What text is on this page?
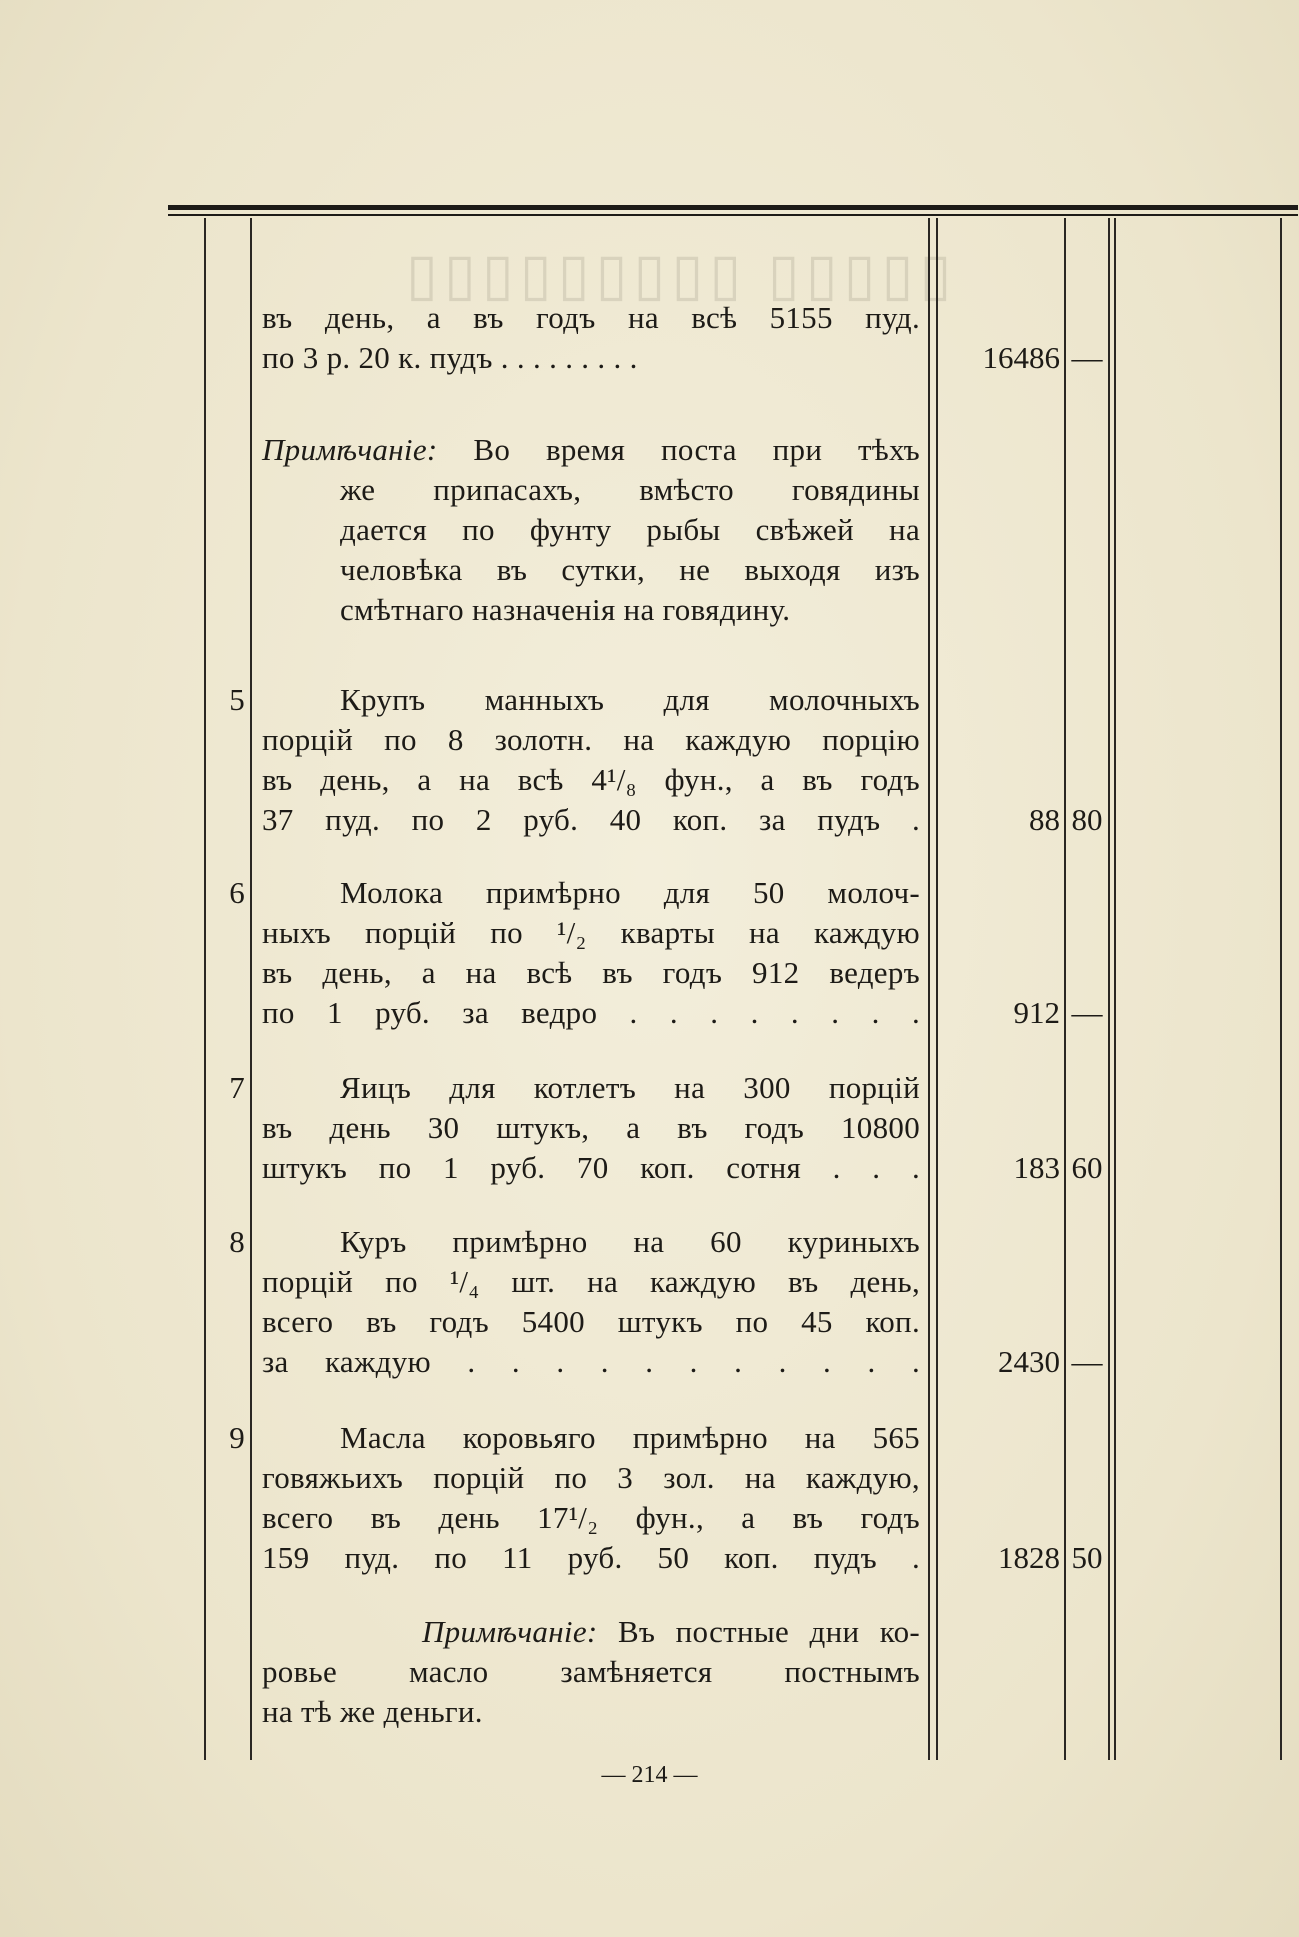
въ день, а въ годъ на всѣ 5155 пуд.
по 3 р. 20 к. пудъ . . . . . . . . .	16486 —
Примѣчаніе: Во время поста при тѣхъ
же припасахъ, вмѣсто говядины
дается по фунту рыбы свѣжей на
человѣка въ сутки, не выходя изъ
смѣтнаго назначенія на говядину.
5	Крупъ манныхъ для молочныхъ
порцій по 8 золотн. на каждую порцію
въ день, а на всѣ 4¹/₈ фун., а въ годъ
37 пуд. по 2 руб. 40 коп. за пудъ .	88 80
6	Молока примѣрно для 50 молоч-
ныхъ порцій по ¹/₂ кварты на каждую
въ день, а на всѣ въ годъ 912 ведеръ
по 1 руб. за ведро . . . . . . . .	912 —
7	Яицъ для котлетъ на 300 порцій
въ день 30 штукъ, а въ годъ 10800
штукъ по 1 руб. 70 коп. сотня . . .	183 60
8	Куръ примѣрно на 60 куриныхъ
порцій по ¹/₄ шт. на каждую въ день,
всего въ годъ 5400 штукъ по 45 коп.
за каждую . . . . . . . . . . .	2430 —
9	Масла коровьяго примѣрно на 565
говяжьихъ порцій по 3 зол. на каждую,
всего въ день 17¹/₂ фун., а въ годъ
159 пуд. по 11 руб. 50 коп. пудъ .	1828 50
Примѣчаніе: Въ постные дни ко-
ровье масло замѣняется постнымъ
на тѣ же деньги.
— 214 —
